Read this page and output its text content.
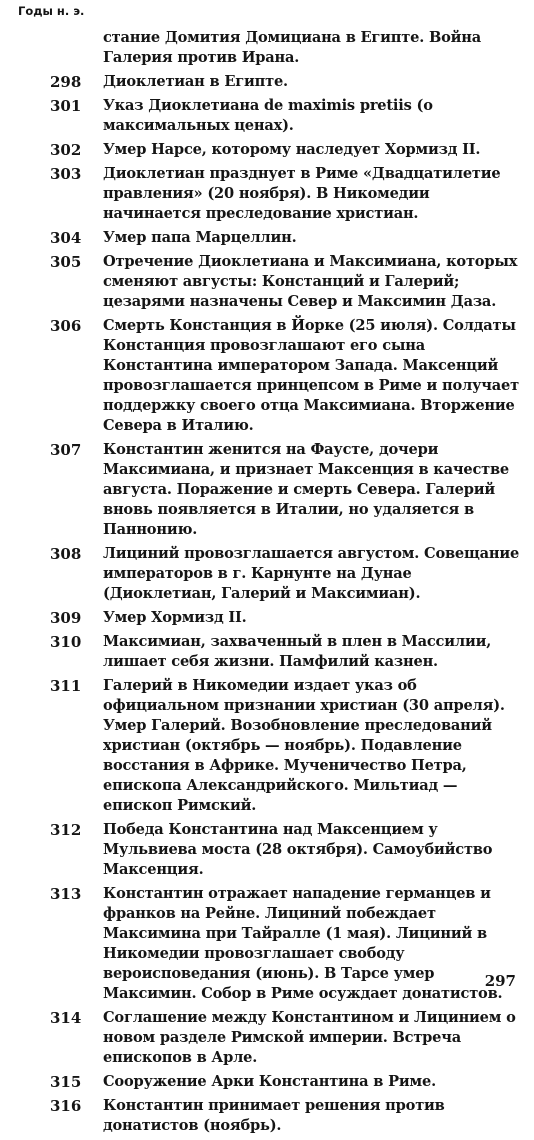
Годы н. э.
стание Домития Домициана в Египте. Война Галерия против Ирана.
298	Диоклетиан в Египте.
301	Указ Диоклетиана de maximis pretiis (о максимальных ценах).
302	Умер Нарсе, которому наследует Хормизд II.
303	Диоклетиан празднует в Риме «Двадцатилетие правления» (20 ноября). В Никомедии начинается преследование христиан.
304	Умер папа Марцеллин.
305	Отречение Диоклетиана и Максимиана, которых сменяют августы: Констанций и Галерий; цезарями назначены Север и Максимин Даза.
306	Смерть Констанция в Йорке (25 июля). Солдаты Констанция провозглашают его сына Константина императором Запада. Максенций провозглашается принцепсом в Риме и получает поддержку своего отца Максимиана. Вторжение Севера в Италию.
307	Константин женится на Фаусте, дочери Максимиана, и признает Максенция в качестве августа. Поражение и смерть Севера. Галерий вновь появляется в Италии, но удаляется в Паннонию.
308	Лициний провозглашается августом. Совещание императоров в г. Карнунте на Дунае (Диоклетиан, Галерий и Максимиан).
309	Умер Хормизд II.
310	Максимиан, захваченный в плен в Массилии, лишает себя жизни. Памфилий казнен.
311	Галерий в Никомедии издает указ об официальном признании христиан (30 апреля). Умер Галерий. Возобновление преследований христиан (октябрь — ноябрь). Подавление восстания в Африке. Мученичество Петра, епископа Александрийского. Мильтиад — епископ Римский.
312	Победа Константина над Максенцием у Мульвиева моста (28 октября). Самоубийство Максенция.
313	Константин отражает нападение германцев и франков на Рейне. Лициний побеждает Максимина при Тайралле (1 мая). Лициний в Никомедии провозглашает свободу вероисповедания (июнь). В Тарсе умер Максимин. Собор в Риме осуждает донатистов.
314	Соглашение между Константином и Лицинием о новом разделе Римской империи. Встреча епископов в Арле.
315	Сооружение Арки Константина в Риме.
316	Константин принимает решения против донатистов (ноябрь).
297
